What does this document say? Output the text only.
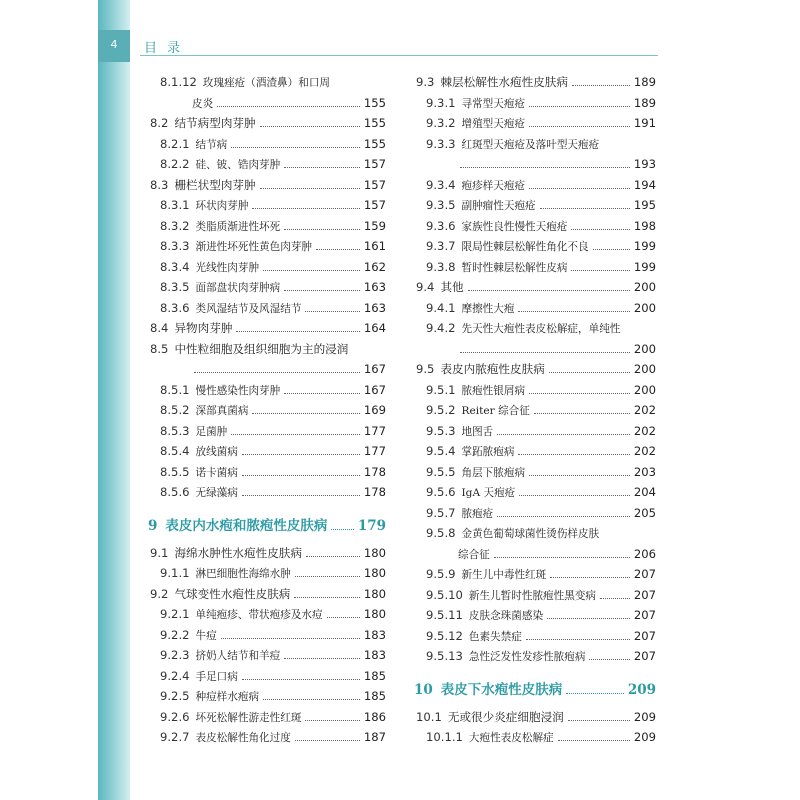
4	目 录
8.1.12 玫瑰痤疮（酒渣鼻）和口周
皮炎	155
8.2 结节病型肉芽肿	155
8.2.1 结节病	155
8.2.2 硅、铍、锆肉芽肿	157
8.3 栅栏状型肉芽肿	157
8.3.1 环状肉芽肿	157
8.3.2 类脂质渐进性坏死	159
8.3.3 渐进性坏死性黄色肉芽肿	161
8.3.4 光线性肉芽肿	162
8.3.5 面部盘状肉芽肿病	163
8.3.6 类风湿结节及风湿结节	163
8.4 异物肉芽肿	164
8.5 中性粒细胞及组织细胞为主的浸润
167
8.5.1 慢性感染性肉芽肿	167
8.5.2 深部真菌病	169
8.5.3 足菌肿	177
8.5.4 放线菌病	177
8.5.5 诺卡菌病	178
8.5.6 无绿藻病	178
9 表皮内水疱和脓疱性皮肤病 179
9.1 海绵水肿性水疱性皮肤病	180
9.1.1 淋巴细胞性海绵水肿	180
9.2 气球变性水疱性皮肤病	180
9.2.1 单纯疱疹、带状疱疹及水痘	180
9.2.2 牛痘	183
9.2.3 挤奶人结节和羊痘	183
9.2.4 手足口病	185
9.2.5 种痘样水疱病	185
9.2.6 坏死松解性游走性红斑	186
9.2.7 表皮松解性角化过度	187
9.3 棘层松解性水疱性皮肤病	189
9.3.1 寻常型天疱疮	189
9.3.2 增殖型天疱疮	191
9.3.3 红斑型天疱疮及落叶型天疱疮
193
9.3.4 疱疹样天疱疮	194
9.3.5 副肿瘤性天疱疮	195
9.3.6 家族性良性慢性天疱疮	198
9.3.7 限局性棘层松解性角化不良	199
9.3.8 暂时性棘层松解性皮病	199
9.4 其他	200
9.4.1 摩擦性大疱	200
9.4.2 先天性大疱性表皮松解症，单纯性
200
9.5 表皮内脓疱性皮肤病	200
9.5.1 脓疱性银屑病	200
9.5.2 Reiter 综合征	202
9.5.3 地图舌	202
9.5.4 掌跖脓疱病	202
9.5.5 角层下脓疱病	203
9.5.6 IgA 天疱疮	204
9.5.7 脓疱疮	205
9.5.8 金黄色葡萄球菌性烫伤样皮肤
综合征	206
9.5.9 新生儿中毒性红斑	207
9.5.10 新生儿暂时性脓疱性黑变病	207
9.5.11 皮肤念珠菌感染	207
9.5.12 色素失禁症	207
9.5.13 急性泛发性发疹性脓疱病	207
10 表皮下水疱性皮肤病	209
10.1 无或很少炎症细胞浸润	209
10.1.1 大疱性表皮松解症	209
